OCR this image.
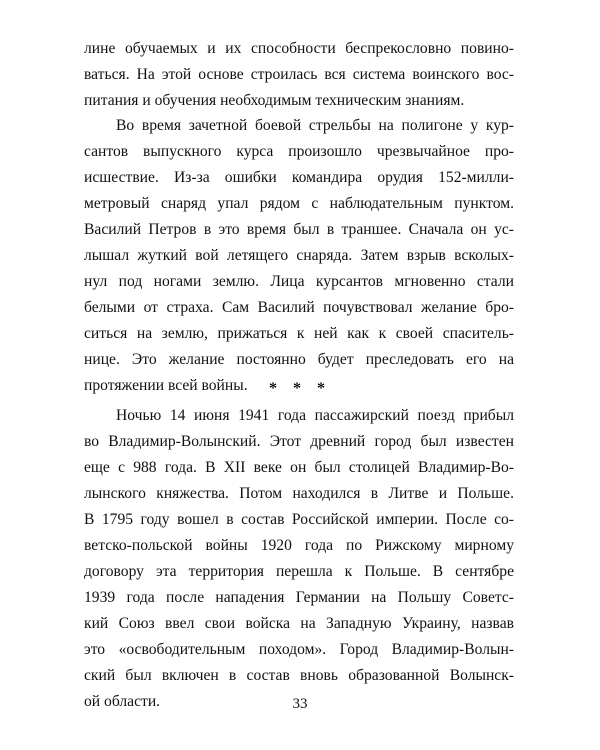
лине обучаемых и их способности беспрекословно повино-
ваться. На этой основе строилась вся система воинского вос-
питания и обучения необходимым техническим знаниям.
Во время зачетной боевой стрельбы на полигоне у кур-
сантов выпускного курса произошло чрезвычайное про-
исшествие. Из-за ошибки командира орудия 152-милли-
метровый снаряд упал рядом с наблюдательным пунктом.
Василий Петров в это время был в траншее. Сначала он ус-
лышал жуткий вой летящего снаряда. Затем взрыв всколых-
нул под ногами землю. Лица курсантов мгновенно стали
белыми от страха. Сам Василий почувствовал желание бро-
ситься на землю, прижаться к ней как к своей спаситель-
нице. Это желание постоянно будет преследовать его на
протяжении всей войны.	* * *
Ночью 14 июня 1941 года пассажирский поезд прибыл
во Владимир-Волынский. Этот древний город был известен
еще с 988 года. В XII веке он был столицей Владимир-Во-
лынского княжества. Потом находился в Литве и Польше.
В 1795 году вошел в состав Российской империи. После со-
ветско-польской войны 1920 года по Рижскому мирному
договору эта территория перешла к Польше. В сентябре
1939 года после нападения Германии на Польшу Советс-
кий Союз ввел свои войска на Западную Украину, назвав
это «освободительным походом». Город Владимир-Волын-
ский был включен в состав вновь образованной Волынск-
ой области.	33
